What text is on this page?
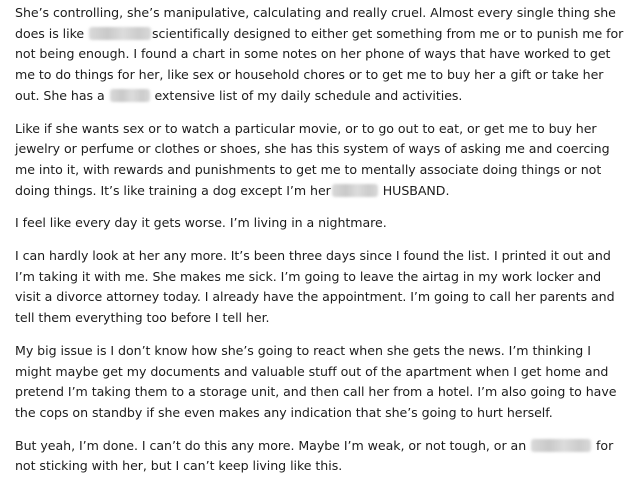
She’s controlling, she’s manipulative, calculating and really cruel. Almost every single thing she does is like	scientifically designed to either get something from me or to punish me for not being enough. I found a chart in some notes on her phone of ways that have worked to get me to do things for her, like sex or household chores or to get me to buy her a gift or take her out. She has a	extensive list of my daily schedule and activities.

Like if she wants sex or to watch a particular movie, or to go out to eat, or get me to buy her jewelry or perfume or clothes or shoes, she has this system of ways of asking me and coercing me into it, with rewards and punishments to get me to mentally associate doing things or not doing things. It’s like training a dog except I’m her	HUSBAND.

I feel like every day it gets worse. I’m living in a nightmare.

I can hardly look at her any more. It’s been three days since I found the list. I printed it out and I’m taking it with me. She makes me sick. I’m going to leave the airtag in my work locker and visit a divorce attorney today. I already have the appointment. I’m going to call her parents and tell them everything too before I tell her.

My big issue is I don’t know how she’s going to react when she gets the news. I’m thinking I might maybe get my documents and valuable stuff out of the apartment when I get home and pretend I’m taking them to a storage unit, and then call her from a hotel. I’m also going to have the cops on standby if she even makes any indication that she’s going to hurt herself.

But yeah, I’m done. I can’t do this any more. Maybe I’m weak, or not tough, or an	for not sticking with her, but I can’t keep living like this.
